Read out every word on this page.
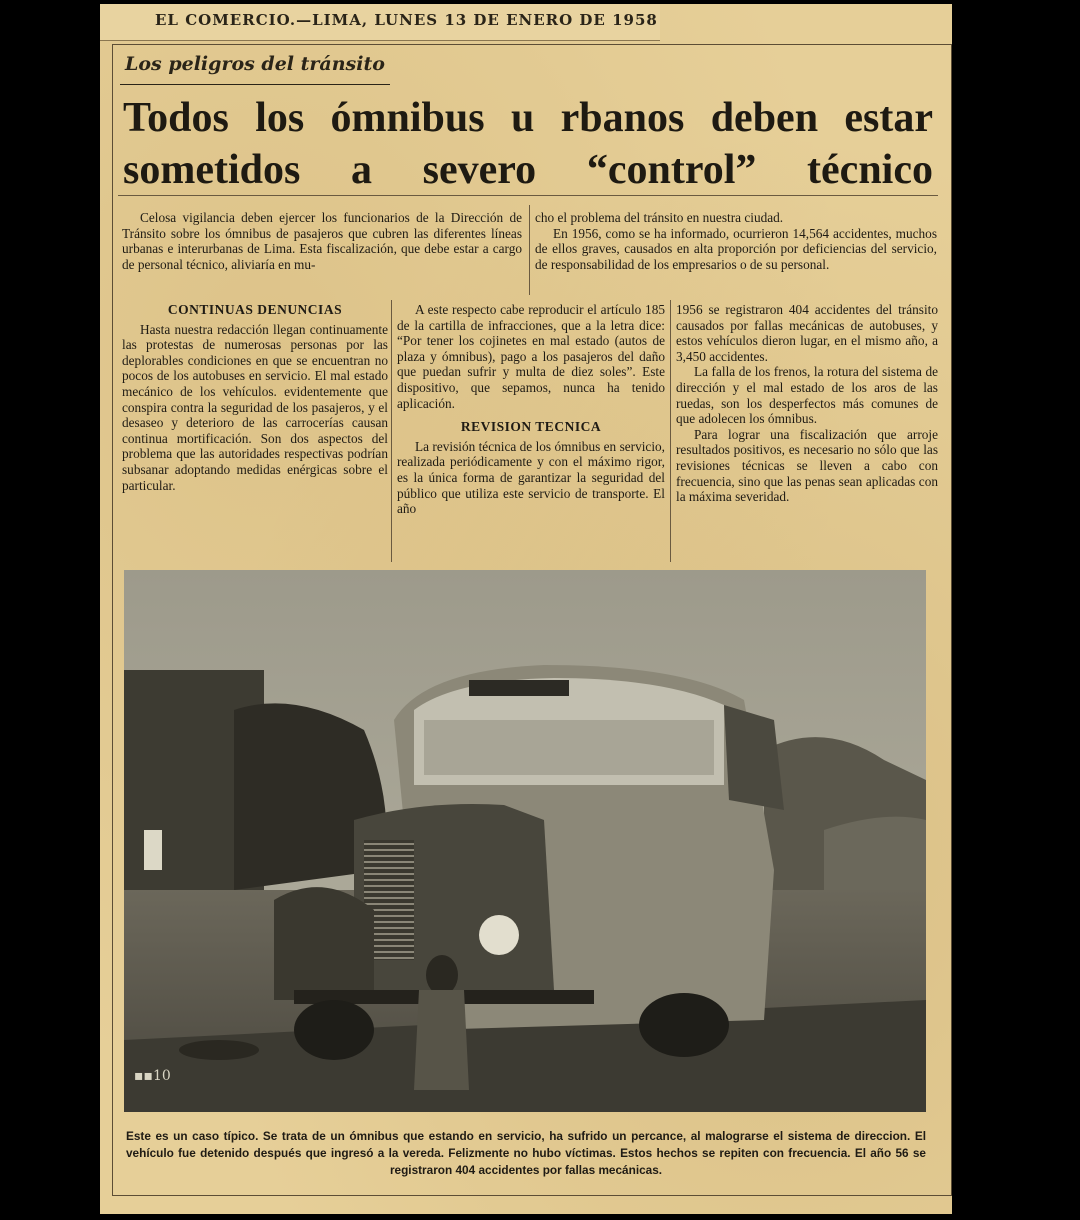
EL COMERCIO.—LIMA, LUNES 13 DE ENERO DE 1958
Los peligros del tránsito
Todos los ómnibus u rbanos deben estar
sometidos a severo “control” técnico

Celosa vigilancia deben ejercer los funcionarios de la Dirección de Tránsito sobre los ómnibus de pasajeros que cubren las diferentes líneas urbanas e interurbanas de Lima. Esta fiscalización, que debe estar a cargo de personal técnico, aliviaría en mu-

cho el problema del tránsito en nuestra ciudad.

En 1956, como se ha informado, ocurrieron 14,564 accidentes, muchos de ellos graves, causados en alta proporción por deficiencias del servicio, de responsabilidad de los empresarios o de su personal.

CONTINUAS DENUNCIAS

Hasta nuestra redacción llegan continuamente las protestas de numerosas personas por las deplorables condiciones en que se encuentran no pocos de los autobuses en servicio. El mal estado mecánico de los vehículos. evidentemente que conspira contra la seguridad de los pasajeros, y el desaseo y deterioro de las carrocerías causan continua mortificación. Son dos aspectos del problema que las autoridades respectivas podrían subsanar adoptando medidas enérgicas sobre el particular.

A este respecto cabe reproducir el artículo 185 de la cartilla de infracciones, que a la letra dice: “Por tener los cojinetes en mal estado (autos de plaza y ómnibus), pago a los pasajeros del daño que puedan sufrir y multa de diez soles”. Este dispositivo, que sepamos, nunca ha tenido aplicación.

REVISION TECNICA

La revisión técnica de los ómnibus en servicio, realizada periódicamente y con el máximo rigor, es la única forma de garantizar la seguridad del público que utiliza este servicio de transporte. El año

1956 se registraron 404 accidentes del tránsito causados por fallas mecánicas de autobuses, y estos vehículos dieron lugar, en el mismo año, a 3,450 accidentes.

La falla de los frenos, la rotura del sistema de dirección y el mal estado de los aros de las ruedas, son los desperfectos más comunes de que adolecen los ómnibus.

Para lograr una fiscalización que arroje resultados positivos, es necesario no sólo que las revisiones técnicas se lleven a cabo con frecuencia, sino que las penas sean aplicadas con la máxima severidad.

▪▪10
Este es un caso típico. Se trata de un ómnibus que estando en servicio, ha sufrido un percance, al malograrse el sistema de direccion. El vehículo fue detenido después que ingresó a la vereda. Felizmente no hubo víctimas. Estos hechos se repiten con frecuencia. El año 56 se registraron 404 accidentes por fallas mecánicas.
